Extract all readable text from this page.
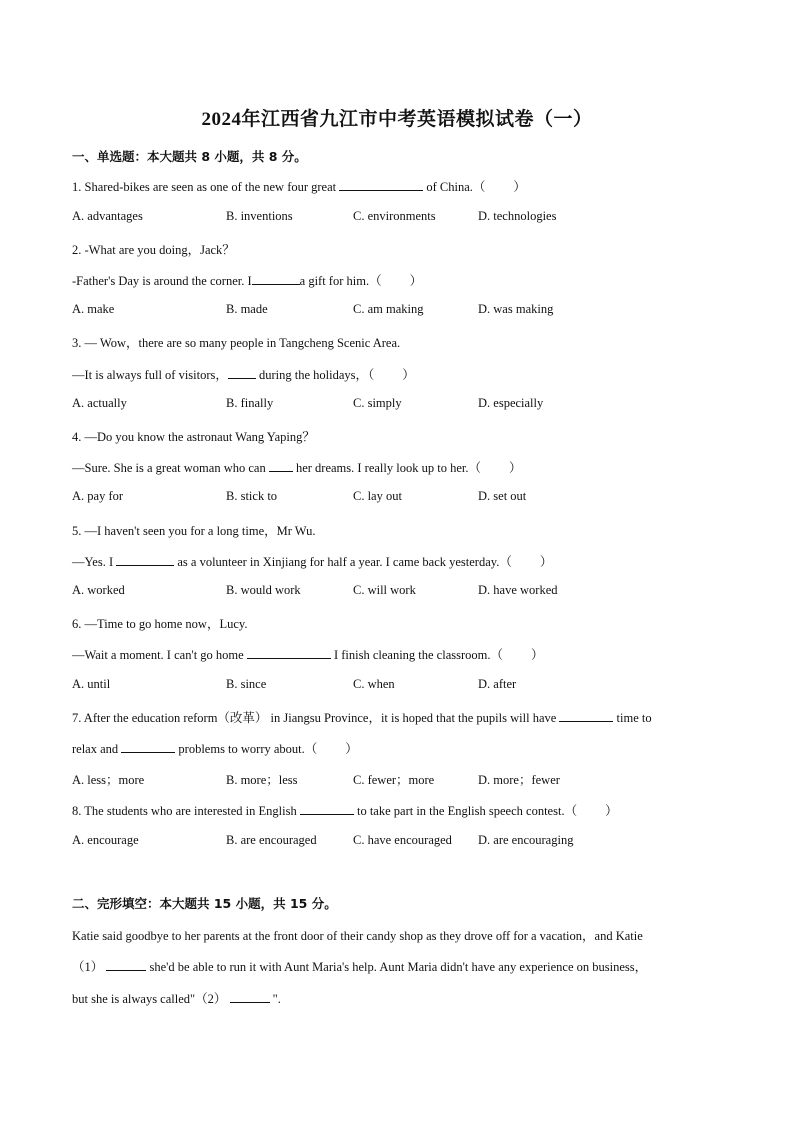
2024年江西省九江市中考英语模拟试卷（一）
一、单选题：本大题共 8 小题，共 8 分。
1. Shared-bikes are seen as one of the new four great	of China.（ ）
A. advantages	B. inventions	C. environments	D. technologies
2. -What are you doing，Jack？
-Father's Day is around the corner. I	a gift for him.（ ）
A. make	B. made	C. am making	D. was making
3. — Wow，there are so many people in Tangcheng Scenic Area.
—It is always full of visitors， during the holidays，（ ）
A. actually	B. finally	C. simply	D. especially
4. —Do you know the astronaut Wang Yaping？
—Sure. She is a great woman who can  her dreams. I really look up to her.（ ）
A. pay for	B. stick to	C. lay out	D. set out
5. —I haven't seen you for a long time，Mr Wu.
—Yes. I	as a volunteer in Xinjiang for half a year. I came back yesterday.（ ）
A. worked	B. would work	C. will work	D. have worked
6. —Time to go home now，Lucy.
—Wait a moment. I can't go home	I finish cleaning the classroom.（ ）
A. until	B. since	C. when	D. after
7. After the education reform（改革） in Jiangsu Province，it is hoped that the pupils will have	time to
relax and	problems to worry about.（ ）
A. less；more	B. more；less	C. fewer；more	D. more；fewer
8. The students who are interested in English	to take part in the English speech contest.（ ）
A. encourage	B. are encouraged	C. have encouraged D. are encouraging
二、完形填空：本大题共 15 小题，共 15 分。
Katie said goodbye to her parents at the front door of their candy shop as they drove off for a vacation，and Katie
（1）	she'd be able to run it with Aunt Maria's help. Aunt Maria didn't have any experience on business，
but she is always called"（2）	".
